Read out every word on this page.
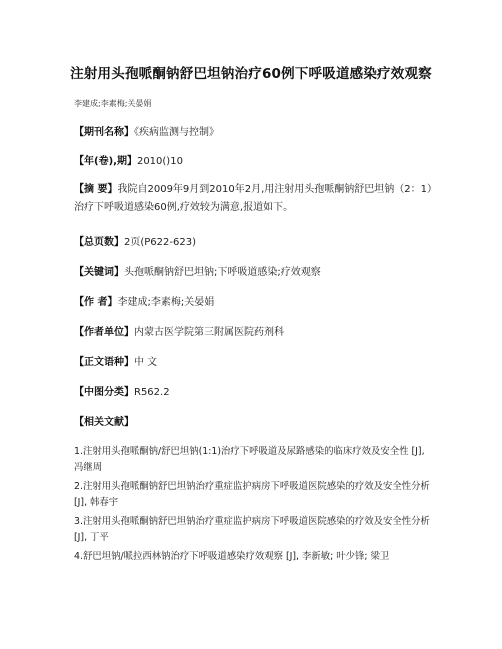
注射用头孢哌酮钠舒巴坦钠治疗60例下呼吸道感染疗效观察
李建成;李素梅;关晏娟
【期刊名称】《疾病监测与控制》
【年(卷),期】2010()10
【摘 要】我院自2009年9月到2010年2月,用注射用头孢哌酮钠舒巴坦钠（2：1）治疗下呼吸道感染60例,疗效较为满意,报道如下。
【总页数】2页(P622-623)
【关键词】头孢哌酮钠舒巴坦钠;下呼吸道感染;疗效观察
【作 者】李建成;李素梅;关晏娟
【作者单位】内蒙古医学院第三附属医院药剂科
【正文语种】中 文
【中图分类】R562.2
【相关文献】
1.注射用头孢哌酮钠/舒巴坦钠(1:1)治疗下呼吸道及尿路感染的临床疗效及安全性 [J], 冯继周
2.注射用头孢哌酮钠舒巴坦钠治疗重症监护病房下呼吸道医院感染的疗效及安全性分析 [J], 韩春宇
3.注射用头孢哌酮钠舒巴坦钠治疗重症监护病房下呼吸道医院感染的疗效及安全性分析 [J], 丁平
4.舒巴坦钠/哌拉西林钠治疗下呼吸道感染疗效观察 [J], 李新敏; 叶少锋; 梁卫
